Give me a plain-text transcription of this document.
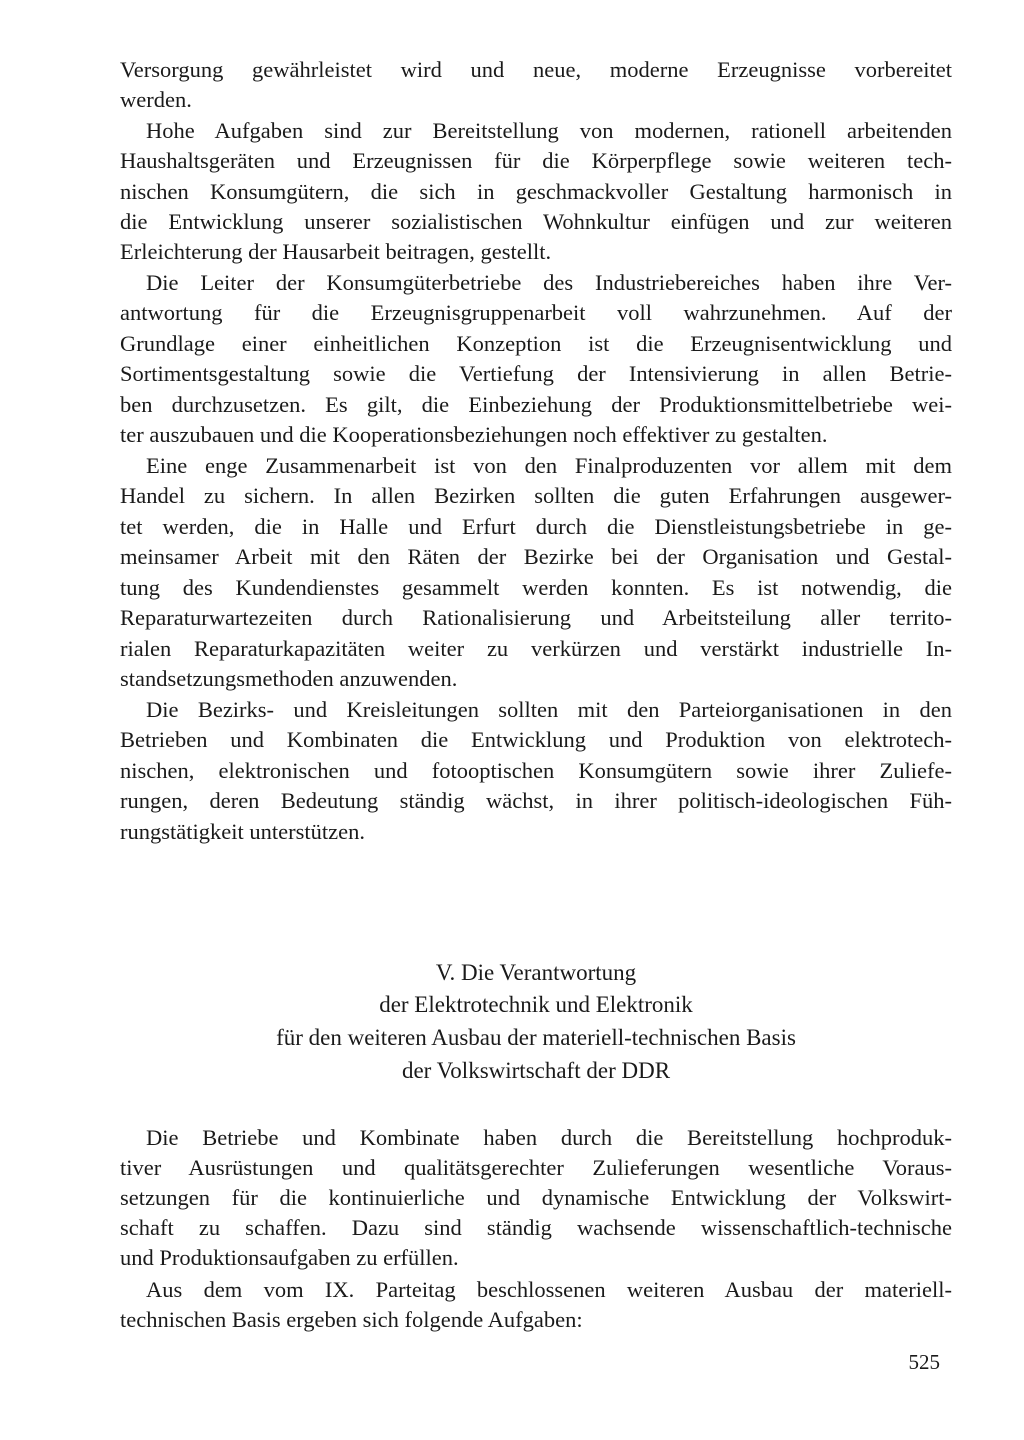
Versorgung gewährleistet wird und neue, moderne Erzeugnisse vorbereitet
werden.
Hohe Aufgaben sind zur Bereitstellung von modernen, rationell arbeitenden
Haushaltsgeräten und Erzeugnissen für die Körperpflege sowie weiteren tech-
nischen Konsumgütern, die sich in geschmackvoller Gestaltung harmonisch in
die Entwicklung unserer sozialistischen Wohnkultur einfügen und zur weiteren
Erleichterung der Hausarbeit beitragen, gestellt.
Die Leiter der Konsumgüterbetriebe des Industriebereiches haben ihre Ver-
antwortung für die Erzeugnisgruppenarbeit voll wahrzunehmen. Auf der
Grundlage einer einheitlichen Konzeption ist die Erzeugnisentwicklung und
Sortimentsgestaltung sowie die Vertiefung der Intensivierung in allen Betrie-
ben durchzusetzen. Es gilt, die Einbeziehung der Produktionsmittelbetriebe wei-
ter auszubauen und die Kooperationsbeziehungen noch effektiver zu gestalten.
Eine enge Zusammenarbeit ist von den Finalproduzenten vor allem mit dem
Handel zu sichern. In allen Bezirken sollten die guten Erfahrungen ausgewer-
tet werden, die in Halle und Erfurt durch die Dienstleistungsbetriebe in ge-
meinsamer Arbeit mit den Räten der Bezirke bei der Organisation und Gestal-
tung des Kundendienstes gesammelt werden konnten. Es ist notwendig, die
Reparaturwartezeiten durch Rationalisierung und Arbeitsteilung aller territo-
rialen Reparaturkapazitäten weiter zu verkürzen und verstärkt industrielle In-
standsetzungsmethoden anzuwenden.
Die Bezirks- und Kreisleitungen sollten mit den Parteiorganisationen in den
Betrieben und Kombinaten die Entwicklung und Produktion von elektrotech-
nischen, elektronischen und fotooptischen Konsumgütern sowie ihrer Zuliefe-
rungen, deren Bedeutung ständig wächst, in ihrer politisch-ideologischen Füh-
rungstätigkeit unterstützen.
V. Die Verantwortung
der Elektrotechnik und Elektronik
für den weiteren Ausbau der materiell-technischen Basis
der Volkswirtschaft der DDR
Die Betriebe und Kombinate haben durch die Bereitstellung hochproduk-
tiver Ausrüstungen und qualitätsgerechter Zulieferungen wesentliche Voraus-
setzungen für die kontinuierliche und dynamische Entwicklung der Volkswirt-
schaft zu schaffen. Dazu sind ständig wachsende wissenschaftlich-technische
und Produktionsaufgaben zu erfüllen.
Aus dem vom IX. Parteitag beschlossenen weiteren Ausbau der materiell-
technischen Basis ergeben sich folgende Aufgaben:
525
